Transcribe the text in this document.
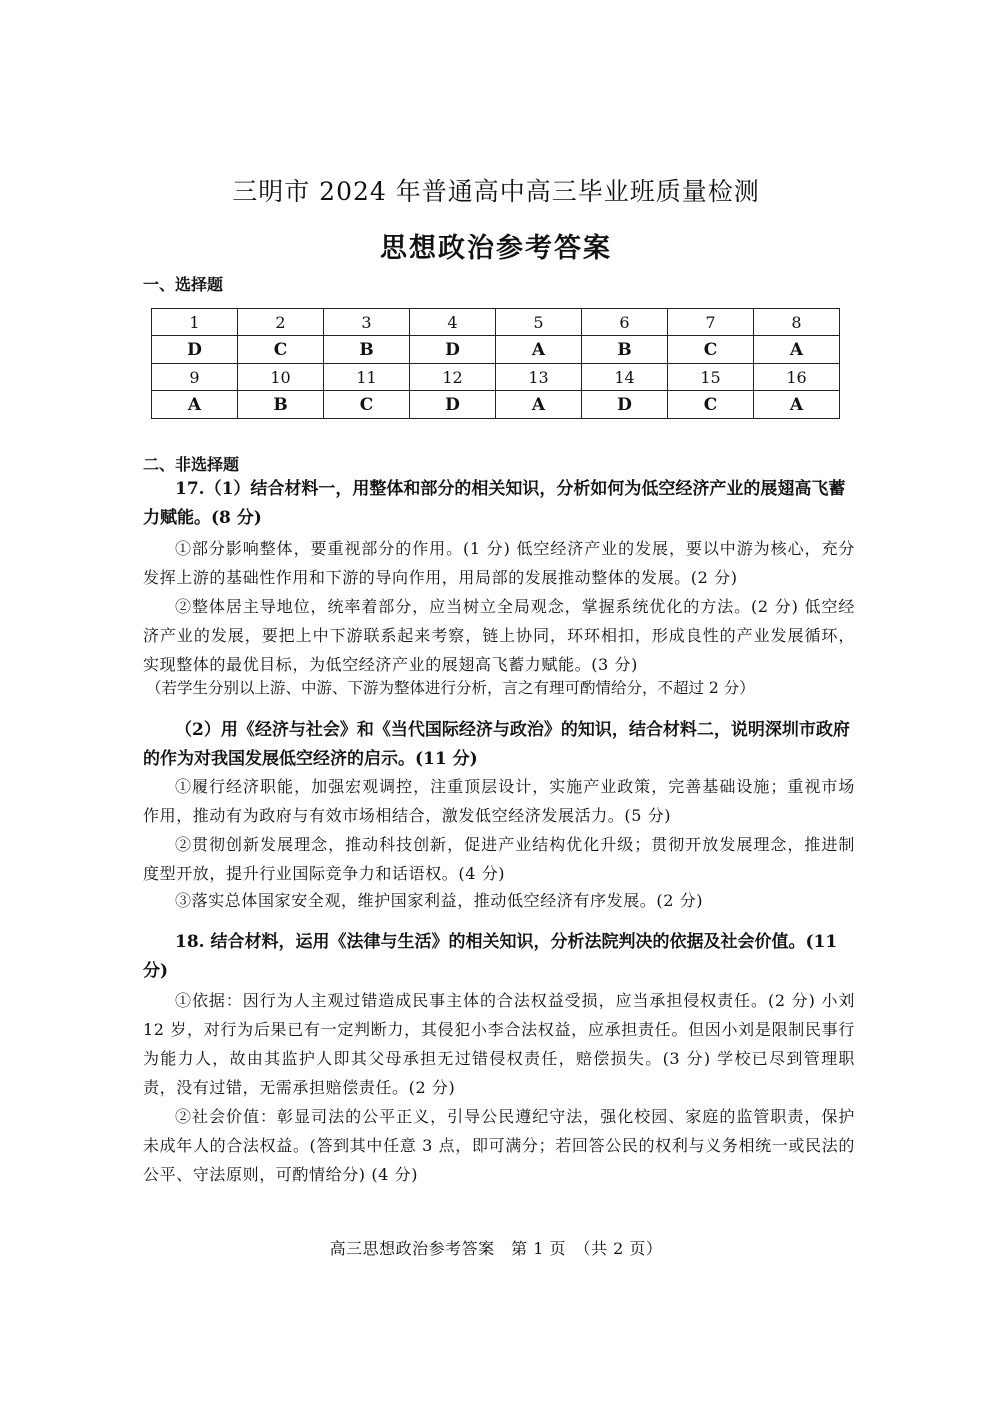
三明市 2024 年普通高中高三毕业班质量检测
思想政治参考答案
一、选择题
1	2	3	4	5	6	7	8
D	C	B	D	A	B	C	A
9	10	11	12	13	14	15	16
A	B	C	D	A	D	C	A
二、非选择题
17.（1）结合材料一，用整体和部分的相关知识，分析如何为低空经济产业的展翅高飞蓄力赋能。(8 分)
①部分影响整体，要重视部分的作用。(1 分) 低空经济产业的发展，要以中游为核心，充分发挥上游的基础性作用和下游的导向作用，用局部的发展推动整体的发展。(2 分)
②整体居主导地位，统率着部分，应当树立全局观念，掌握系统优化的方法。(2 分) 低空经济产业的发展，要把上中下游联系起来考察，链上协同，环环相扣，形成良性的产业发展循环，实现整体的最优目标，为低空经济产业的展翅高飞蓄力赋能。(3 分)
（若学生分别以上游、中游、下游为整体进行分析，言之有理可酌情给分，不超过 2 分）
（2）用《经济与社会》和《当代国际经济与政治》的知识，结合材料二，说明深圳市政府的作为对我国发展低空经济的启示。(11 分)
①履行经济职能，加强宏观调控，注重顶层设计，实施产业政策，完善基础设施；重视市场作用，推动有为政府与有效市场相结合，激发低空经济发展活力。(5 分)
②贯彻创新发展理念，推动科技创新，促进产业结构优化升级；贯彻开放发展理念，推进制度型开放，提升行业国际竞争力和话语权。(4 分)
③落实总体国家安全观，维护国家利益，推动低空经济有序发展。(2 分)
18. 结合材料，运用《法律与生活》的相关知识，分析法院判决的依据及社会价值。(11 分)
①依据：因行为人主观过错造成民事主体的合法权益受损，应当承担侵权责任。(2 分) 小刘 12 岁，对行为后果已有一定判断力，其侵犯小李合法权益，应承担责任。但因小刘是限制民事行为能力人，故由其监护人即其父母承担无过错侵权责任，赔偿损失。(3 分) 学校已尽到管理职责，没有过错，无需承担赔偿责任。(2 分)
②社会价值：彰显司法的公平正义，引导公民遵纪守法，强化校园、家庭的监管职责，保护未成年人的合法权益。(答到其中任意 3 点，即可满分；若回答公民的权利与义务相统一或民法的公平、守法原则，可酌情给分) (4 分)
高三思想政治参考答案　第 1 页　（共 2 页）
